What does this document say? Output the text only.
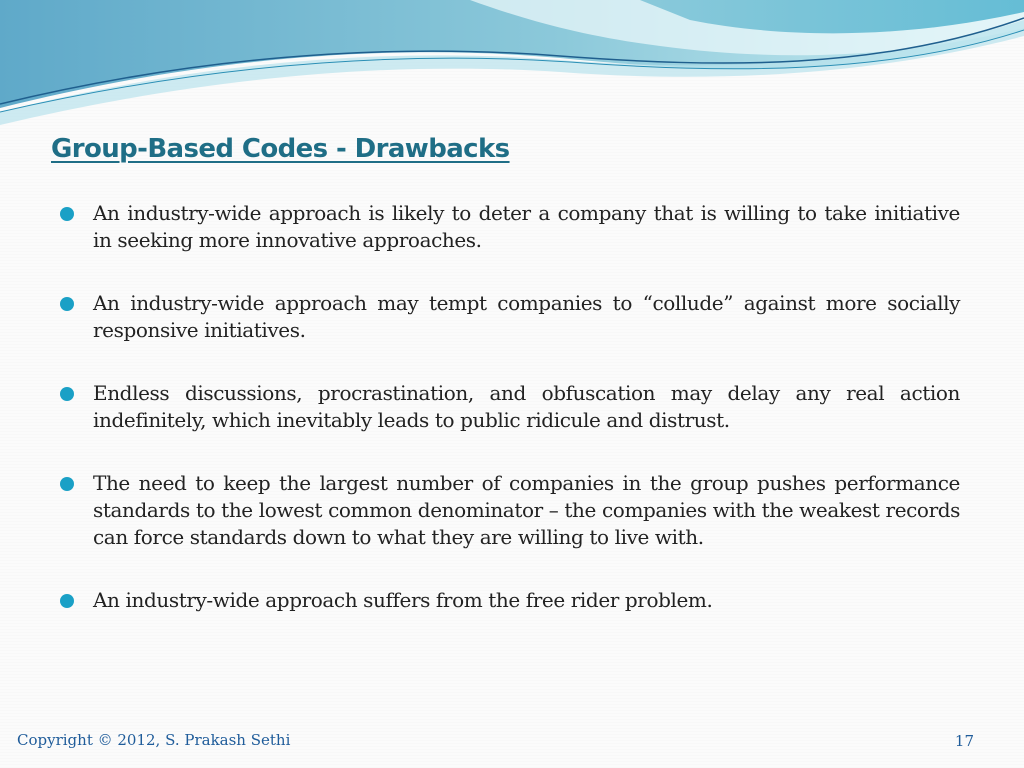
Group-Based Codes - Drawbacks
An industry-wide approach is likely to deter a company that is willing to take initiative in seeking more innovative approaches.
An industry-wide approach may tempt companies to “collude” against more socially responsive initiatives.
Endless discussions, procrastination, and obfuscation may delay any real action indefinitely, which inevitably leads to public ridicule and distrust.
The need to keep the largest number of companies in the group pushes performance standards to the lowest common denominator – the companies with the weakest records can force standards down to what they are willing to live with.
An industry-wide approach suffers from the free rider problem.
Copyright © 2012, S. Prakash Sethi	17
